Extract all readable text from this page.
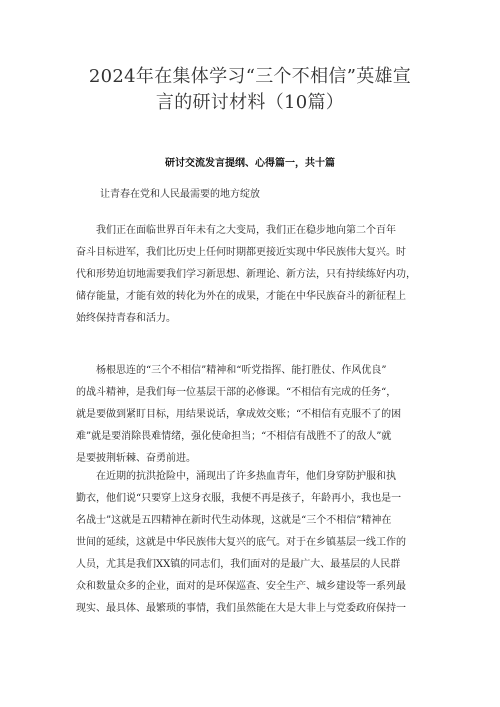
2024年在集体学习“三个不相信”英雄宣
言的研讨材料（10篇）
研讨交流发言提纲、心得篇一，共十篇
让青春在党和人民最需要的地方绽放
　　我们正在面临世界百年未有之大变局，我们正在稳步地向第二个百年
奋斗目标进军，我们比历史上任何时期都更接近实现中华民族伟大复兴。时
代和形势迫切地需要我们学习新思想、新理论、新方法，只有持续练好内功，
储存能量，才能有效的转化为外在的成果，才能在中华民族奋斗的新征程上
始终保持青春和活力。
　　杨根思连的“三个不相信”精神和“听党指挥、能打胜仗、作风优良”
的战斗精神，是我们每一位基层干部的必修课。“不相信有完成的任务“，
就是要做到紧盯目标，用结果说话，拿成效交账；“不相信有克服不了的困
难”就是要消除畏难情绪，强化使命担当；“不相信有战胜不了的敌人”就
是要披荆斩棘、奋勇前进。
　　在近期的抗洪抢险中，涌现出了许多热血青年，他们身穿防护服和执
勤衣，他们说“只要穿上这身衣服，我便不再是孩子，年龄再小，我也是一
名战士”这就是五四精神在新时代生动体现，这就是“三个不相信”精神在
世间的延续，这就是中华民族伟大复兴的底气。对于在乡镇基层一线工作的
人员，尤其是我们XX镇的同志们，我们面对的是最广大、最基层的人民群
众和数量众多的企业，面对的是环保巡查、安全生产、城乡建设等一系列最
现实、最具体、最繁琐的事情，我们虽然能在大是大非上与党委政府保持一
